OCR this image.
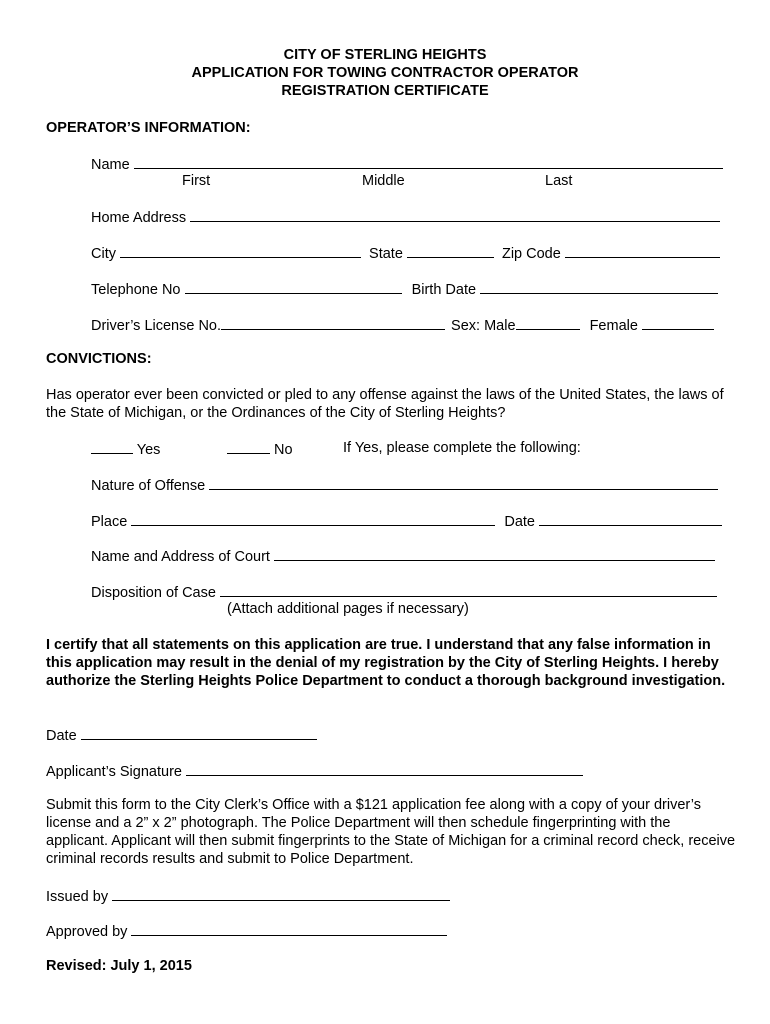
CITY OF STERLING HEIGHTS
APPLICATION FOR TOWING CONTRACTOR OPERATOR
REGISTRATION CERTIFICATE
OPERATOR’S INFORMATION:
Name
First	Middle	Last
Home Address
City	State	Zip Code
Telephone No	Birth Date
Driver’s License No.	Sex: Male	Female
CONVICTIONS:
Has operator ever been convicted or pled to any offense against the laws of the United States, the laws of the State of Michigan, or the Ordinances of the City of Sterling Heights?
Yes	No	If Yes, please complete the following:
Nature of Offense
Place	Date
Name and Address of Court
Disposition of Case
(Attach additional pages if necessary)
I certify that all statements on this application are true. I understand that any false information in this application may result in the denial of my registration by the City of Sterling Heights. I hereby authorize the Sterling Heights Police Department to conduct a thorough background investigation.
Date
Applicant’s Signature
Submit this form to the City Clerk’s Office with a $121 application fee along with a copy of your driver’s license and a 2” x 2” photograph. The Police Department will then schedule fingerprinting with the applicant. Applicant will then submit fingerprints to the State of Michigan for a criminal record check, receive criminal records results and submit to Police Department.
Issued by
Approved by
Revised: July 1, 2015
